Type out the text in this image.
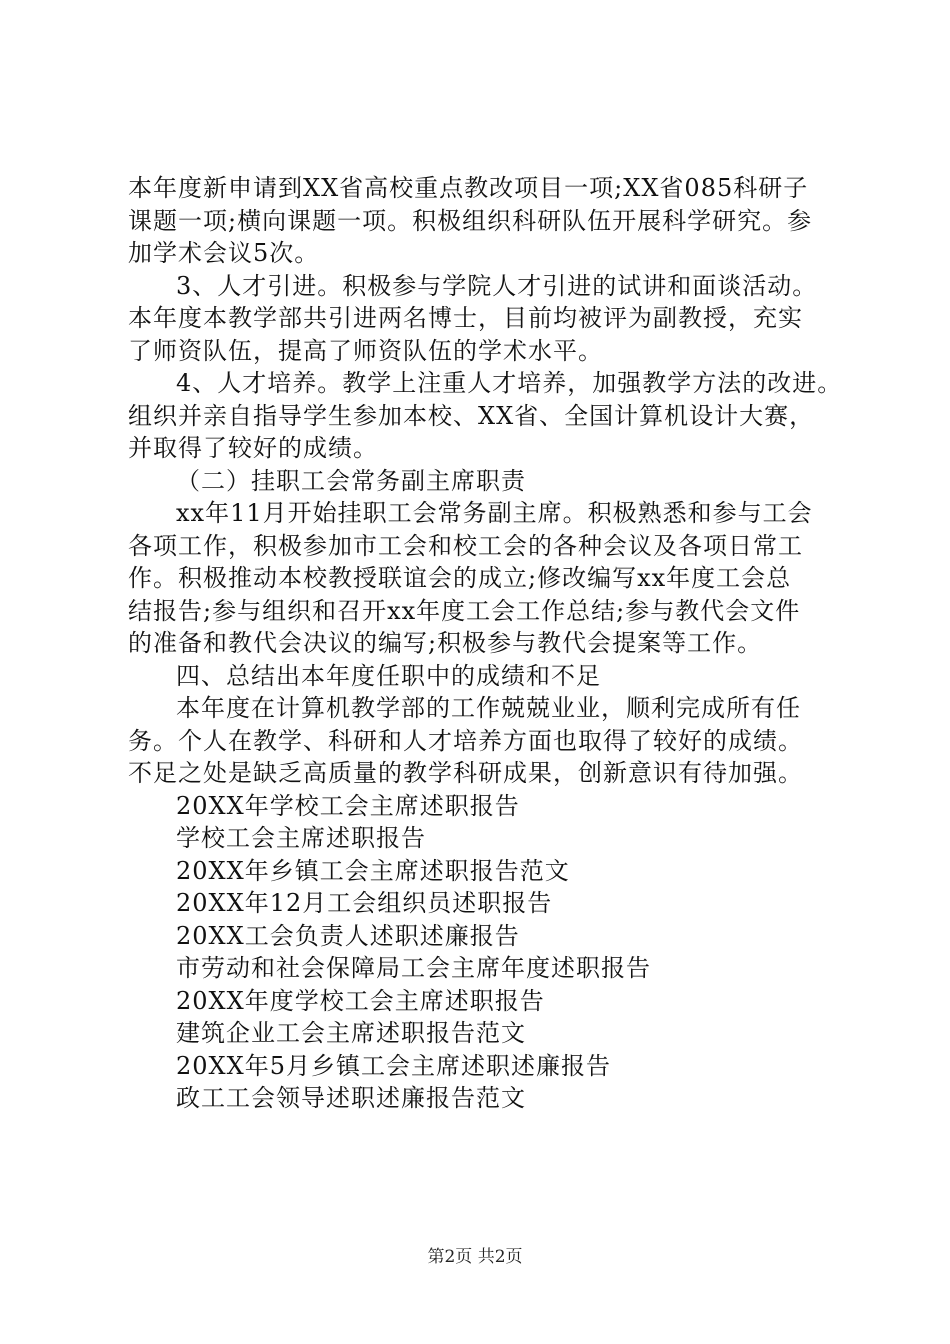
本年度新申请到XX省高校重点教改项目一项;XX省085科研子
课题一项;横向课题一项。积极组织科研队伍开展科学研究。参
加学术会议5次。
3、人才引进。积极参与学院人才引进的试讲和面谈活动。
本年度本教学部共引进两名博士，目前均被评为副教授，充实
了师资队伍，提高了师资队伍的学术水平。
4、人才培养。教学上注重人才培养，加强教学方法的改进。
组织并亲自指导学生参加本校、XX省、全国计算机设计大赛，
并取得了较好的成绩。
（二）挂职工会常务副主席职责
xx年11月开始挂职工会常务副主席。积极熟悉和参与工会
各项工作，积极参加市工会和校工会的各种会议及各项日常工
作。积极推动本校教授联谊会的成立;修改编写xx年度工会总
结报告;参与组织和召开xx年度工会工作总结;参与教代会文件
的准备和教代会决议的编写;积极参与教代会提案等工作。
四、总结出本年度任职中的成绩和不足
本年度在计算机教学部的工作兢兢业业，顺利完成所有任
务。个人在教学、科研和人才培养方面也取得了较好的成绩。
不足之处是缺乏高质量的教学科研成果，创新意识有待加强。
20XX年学校工会主席述职报告
学校工会主席述职报告
20XX年乡镇工会主席述职报告范文
20XX年12月工会组织员述职报告
20XX工会负责人述职述廉报告
市劳动和社会保障局工会主席年度述职报告
20XX年度学校工会主席述职报告
建筑企业工会主席述职报告范文
20XX年5月乡镇工会主席述职述廉报告
政工工会领导述职述廉报告范文
第2页 共2页
